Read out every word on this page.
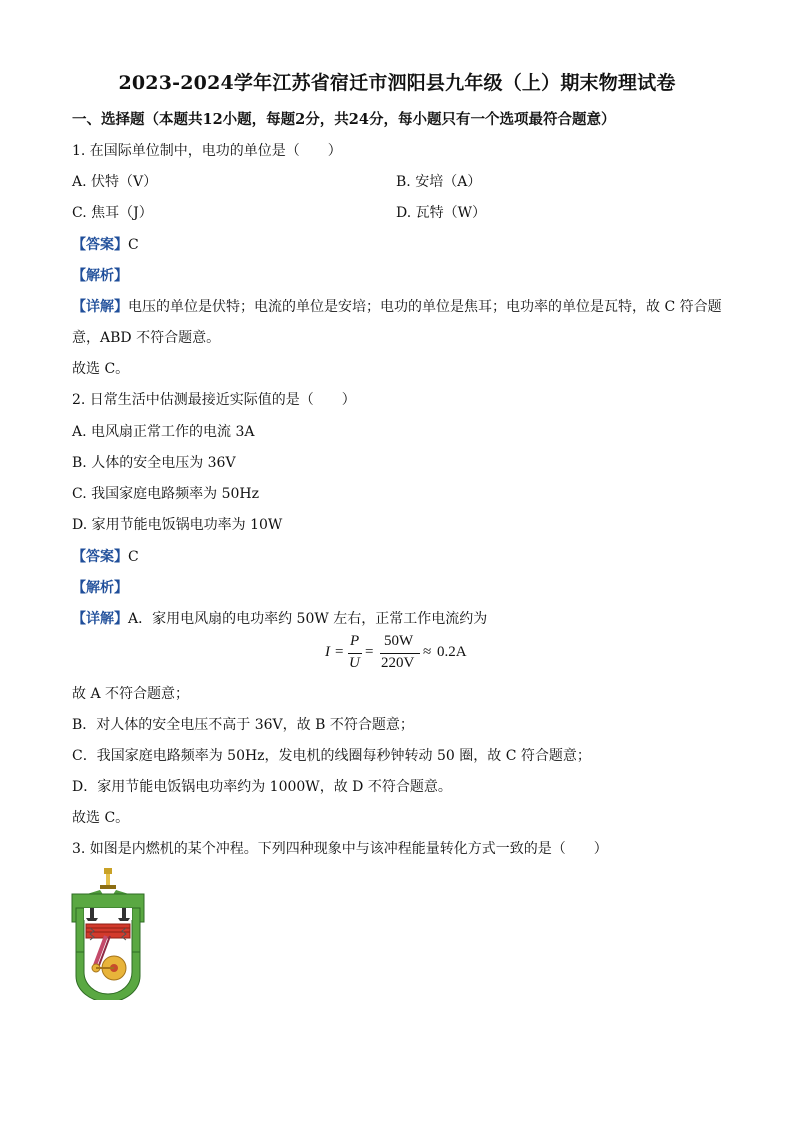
2023-2024学年江苏省宿迁市泗阳县九年级（上）期末物理试卷
一、选择题（本题共12小题，每题2分，共24分，每小题只有一个选项最符合题意）
1. 在国际单位制中，电功的单位是（　　）
A. 伏特（V）	B. 安培（A）
C. 焦耳（J）	D. 瓦特（W）
【答案】C
【解析】
【详解】电压的单位是伏特；电流的单位是安培；电功的单位是焦耳；电功率的单位是瓦特，故 C 符合题
意，ABD 不符合题意。
故选 C。
2. 日常生活中估测最接近实际值的是（　　）
A. 电风扇正常工作的电流 3A
B. 人体的安全电压为 36V
C. 我国家庭电路频率为 50Hz
D. 家用节能电饭锅电功率为 10W
【答案】C
【解析】
【详解】A．家用电风扇的电功率约 50W 左右，正常工作电流约为
I =
P
U
=
50W
220V
≈ 0.2A
故 A 不符合题意；
B．对人体的安全电压不高于 36V，故 B 不符合题意；
C．我国家庭电路频率为 50Hz，发电机的线圈每秒钟转动 50 圈，故 C 符合题意；
D．家用节能电饭锅电功率约为 1000W，故 D 不符合题意。
故选 C。
3. 如图是内燃机的某个冲程。下列四种现象中与该冲程能量转化方式一致的是（　　）
